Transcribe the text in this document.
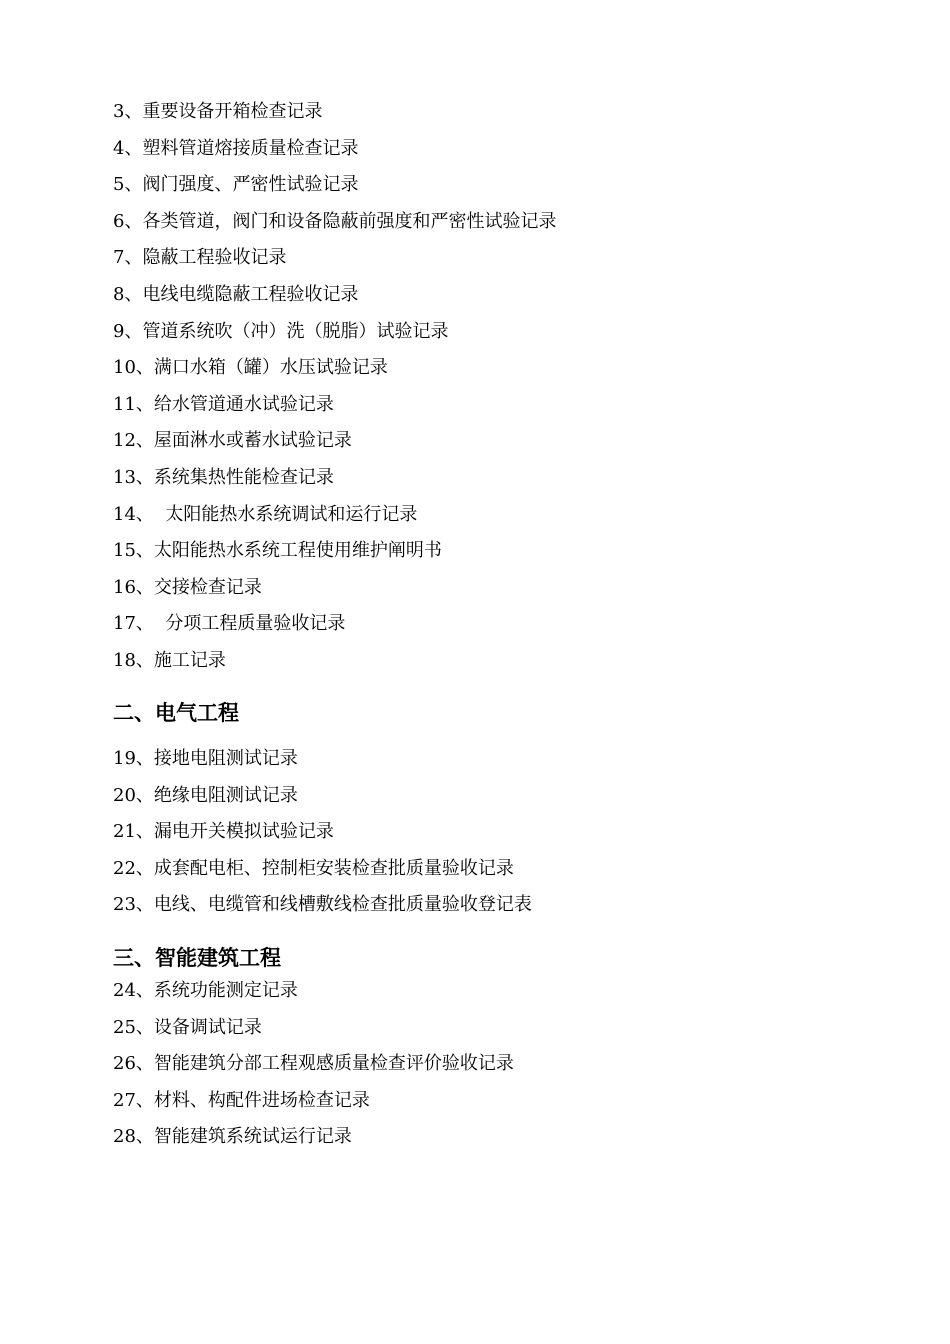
3、重要设备开箱检查记录
4、塑料管道熔接质量检查记录
5、阀门强度、严密性试验记录
6、各类管道，阀门和设备隐蔽前强度和严密性试验记录
7、隐蔽工程验收记录
8、电线电缆隐蔽工程验收记录
9、管道系统吹（冲）洗（脱脂）试验记录
10、满口水箱（罐）水压试验记录
11、给水管道通水试验记录
12、屋面淋水或蓄水试验记录
13、系统集热性能检查记录
14、  太阳能热水系统调试和运行记录
15、太阳能热水系统工程使用维护阐明书
16、交接检查记录
17、  分项工程质量验收记录
18、施工记录
二、电气工程
19、接地电阻测试记录
20、绝缘电阻测试记录
21、漏电开关模拟试验记录
22、成套配电柜、控制柜安装检查批质量验收记录
23、电线、电缆管和线槽敷线检查批质量验收登记表
三、智能建筑工程
24、系统功能测定记录
25、设备调试记录
26、智能建筑分部工程观感质量检查评价验收记录
27、材料、构配件进场检查记录
28、智能建筑系统试运行记录
